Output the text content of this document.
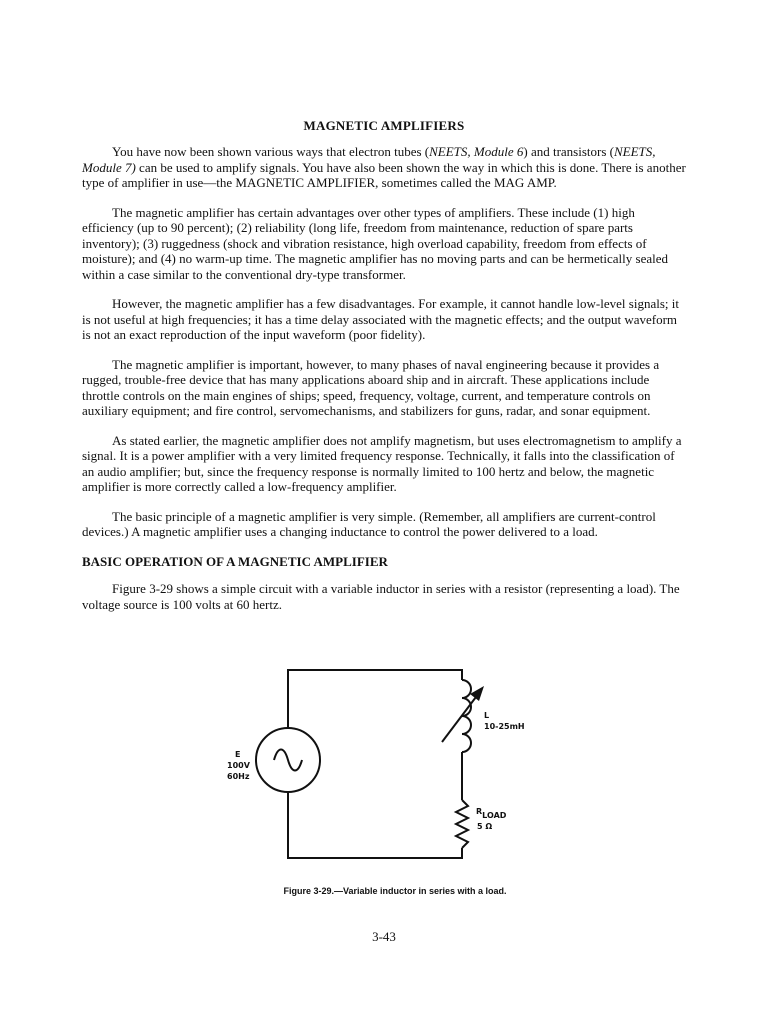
MAGNETIC AMPLIFIERS

You have now been shown various ways that electron tubes (NEETS, Module 6) and transistors (NEETS, Module 7) can be used to amplify signals. You have also been shown the way in which this is done. There is another type of amplifier in use—the MAGNETIC AMPLIFIER, sometimes called the MAG AMP.

The magnetic amplifier has certain advantages over other types of amplifiers. These include (1) high efficiency (up to 90 percent); (2) reliability (long life, freedom from maintenance, reduction of spare parts inventory); (3) ruggedness (shock and vibration resistance, high overload capability, freedom from effects of moisture); and (4) no warm-up time. The magnetic amplifier has no moving parts and can be hermetically sealed within a case similar to the conventional dry-type transformer.

However, the magnetic amplifier has a few disadvantages. For example, it cannot handle low-level signals; it is not useful at high frequencies; it has a time delay associated with the magnetic effects; and the output waveform is not an exact reproduction of the input waveform (poor fidelity).

The magnetic amplifier is important, however, to many phases of naval engineering because it provides a rugged, trouble-free device that has many applications aboard ship and in aircraft. These applications include throttle controls on the main engines of ships; speed, frequency, voltage, current, and temperature controls on auxiliary equipment; and fire control, servomechanisms, and stabilizers for guns, radar, and sonar equipment.

As stated earlier, the magnetic amplifier does not amplify magnetism, but uses electromagnetism to amplify a signal. It is a power amplifier with a very limited frequency response. Technically, it falls into the classification of an audio amplifier; but, since the frequency response is normally limited to 100 hertz and below, the magnetic amplifier is more correctly called a low-frequency amplifier.

The basic principle of a magnetic amplifier is very simple. (Remember, all amplifiers are current-control devices.) A magnetic amplifier uses a changing inductance to control the power delivered to a load.

BASIC OPERATION OF A MAGNETIC AMPLIFIER

Figure 3-29 shows a simple circuit with a variable inductor in series with a resistor (representing a load). The voltage source is 100 volts at 60 hertz.

E
100V
60Hz
L
10-25mH
RLOAD
5 Ω
Figure 3-29.—Variable inductor in series with a load.
3-43
